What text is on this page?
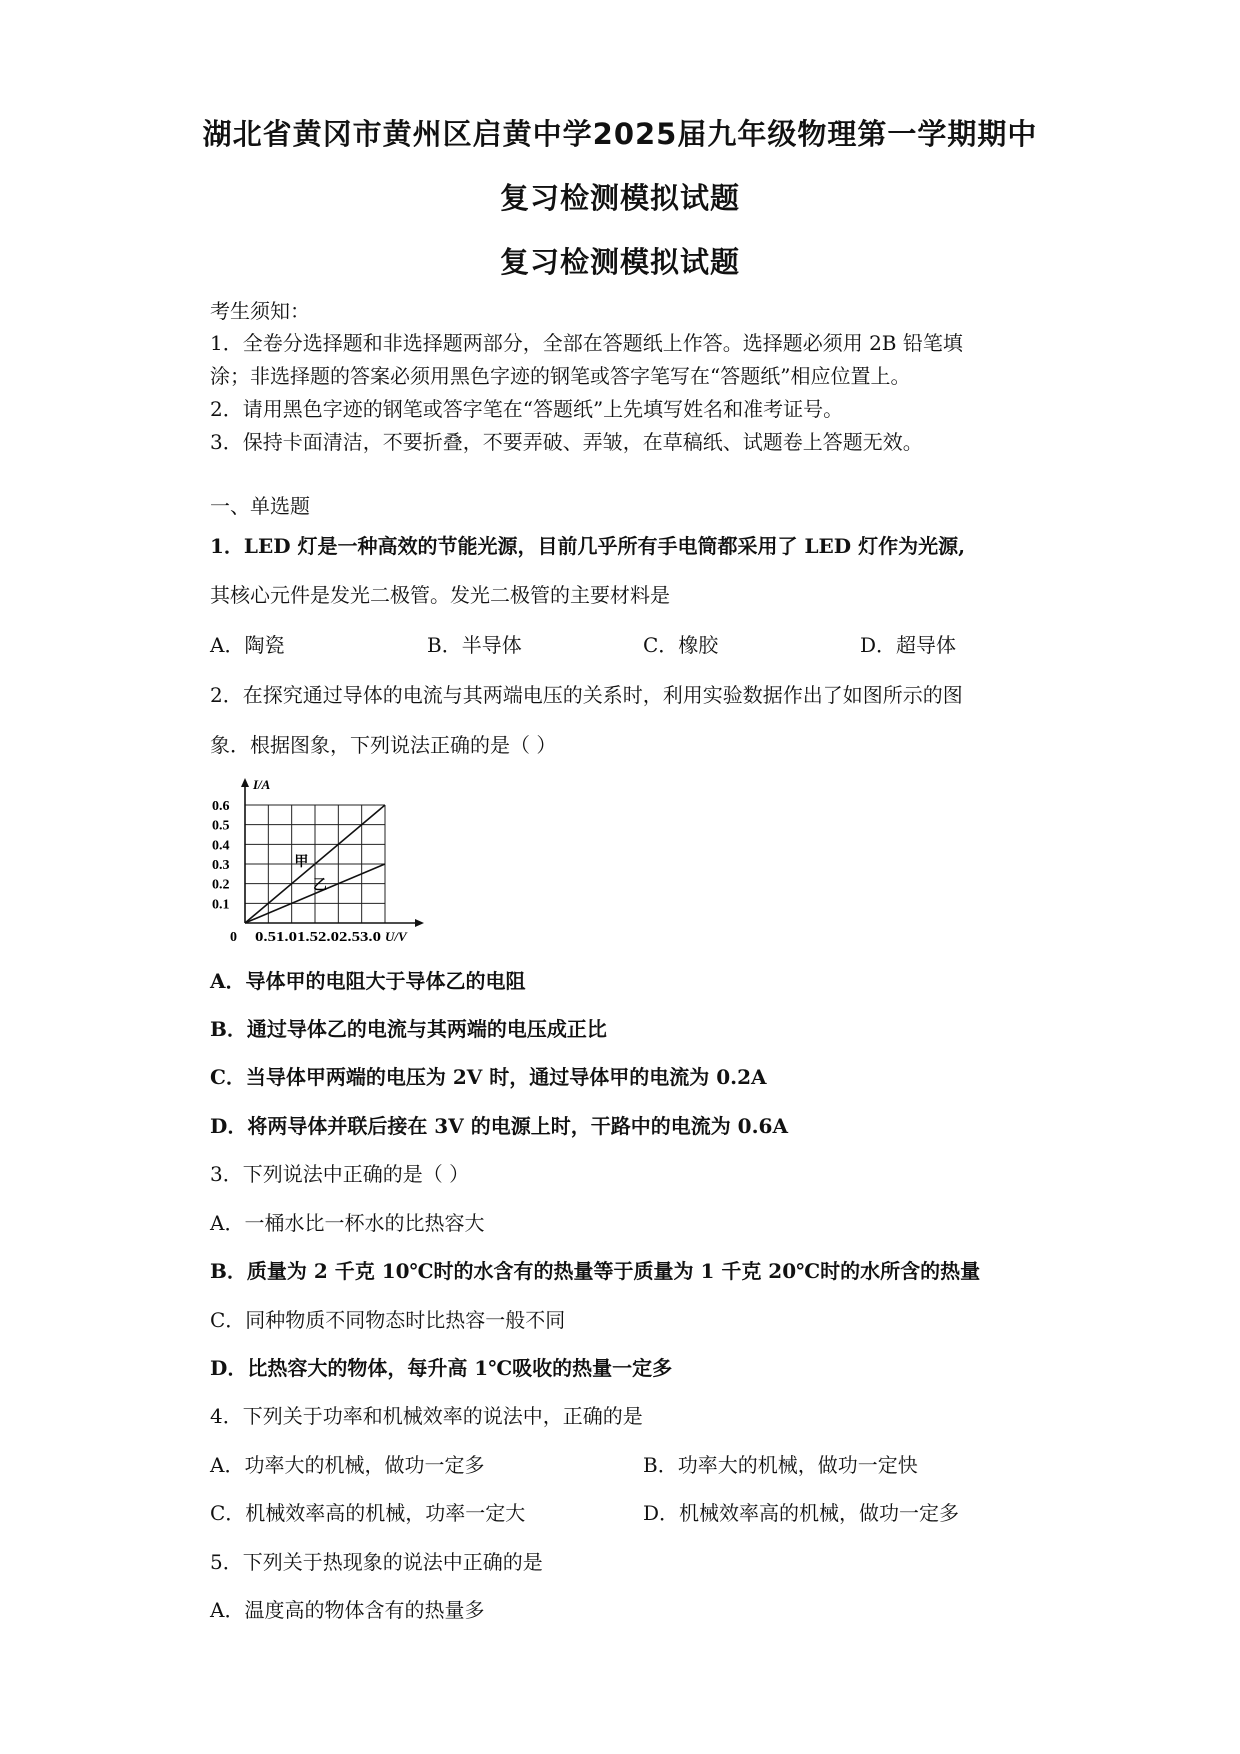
湖北省黄冈市黄州区启黄中学2025届九年级物理第一学期期中
复习检测模拟试题
复习检测模拟试题
考生须知：
1．全卷分选择题和非选择题两部分，全部在答题纸上作答。选择题必须用 2B 铅笔填
涂；非选择题的答案必须用黑色字迹的钢笔或答字笔写在“答题纸”相应位置上。
2．请用黑色字迹的钢笔或答字笔在“答题纸”上先填写姓名和准考证号。
3．保持卡面清洁，不要折叠，不要弄破、弄皱，在草稿纸、试题卷上答题无效。
一、单选题
1．LED 灯是一种高效的节能光源，目前几乎所有手电筒都采用了 LED 灯作为光源,
其核心元件是发光二极管。发光二极管的主要材料是
A．陶瓷	B．半导体	C．橡胶	D．超导体
2．在探究通过导体的电流与其两端电压的关系时，利用实验数据作出了如图所示的图
象．根据图象，下列说法正确的是（ ）
0.1
0.2
0.3
0.4
0.5
0.6
甲
乙
I/A
0 0.51.01.52.02.53.0 U/V
A．导体甲的电阻大于导体乙的电阻
B．通过导体乙的电流与其两端的电压成正比
C．当导体甲两端的电压为 2V 时，通过导体甲的电流为 0.2A
D．将两导体并联后接在 3V 的电源上时，干路中的电流为 0.6A
3．下列说法中正确的是（ ）
A．一桶水比一杯水的比热容大
B．质量为 2 千克 10℃时的水含有的热量等于质量为 1 千克 20℃时的水所含的热量
C．同种物质不同物态时比热容一般不同
D．比热容大的物体，每升高 1℃吸收的热量一定多
4．下列关于功率和机械效率的说法中，正确的是
A．功率大的机械，做功一定多	B．功率大的机械，做功一定快
C．机械效率高的机械，功率一定大	D．机械效率高的机械，做功一定多
5．下列关于热现象的说法中正确的是
A．温度高的物体含有的热量多
